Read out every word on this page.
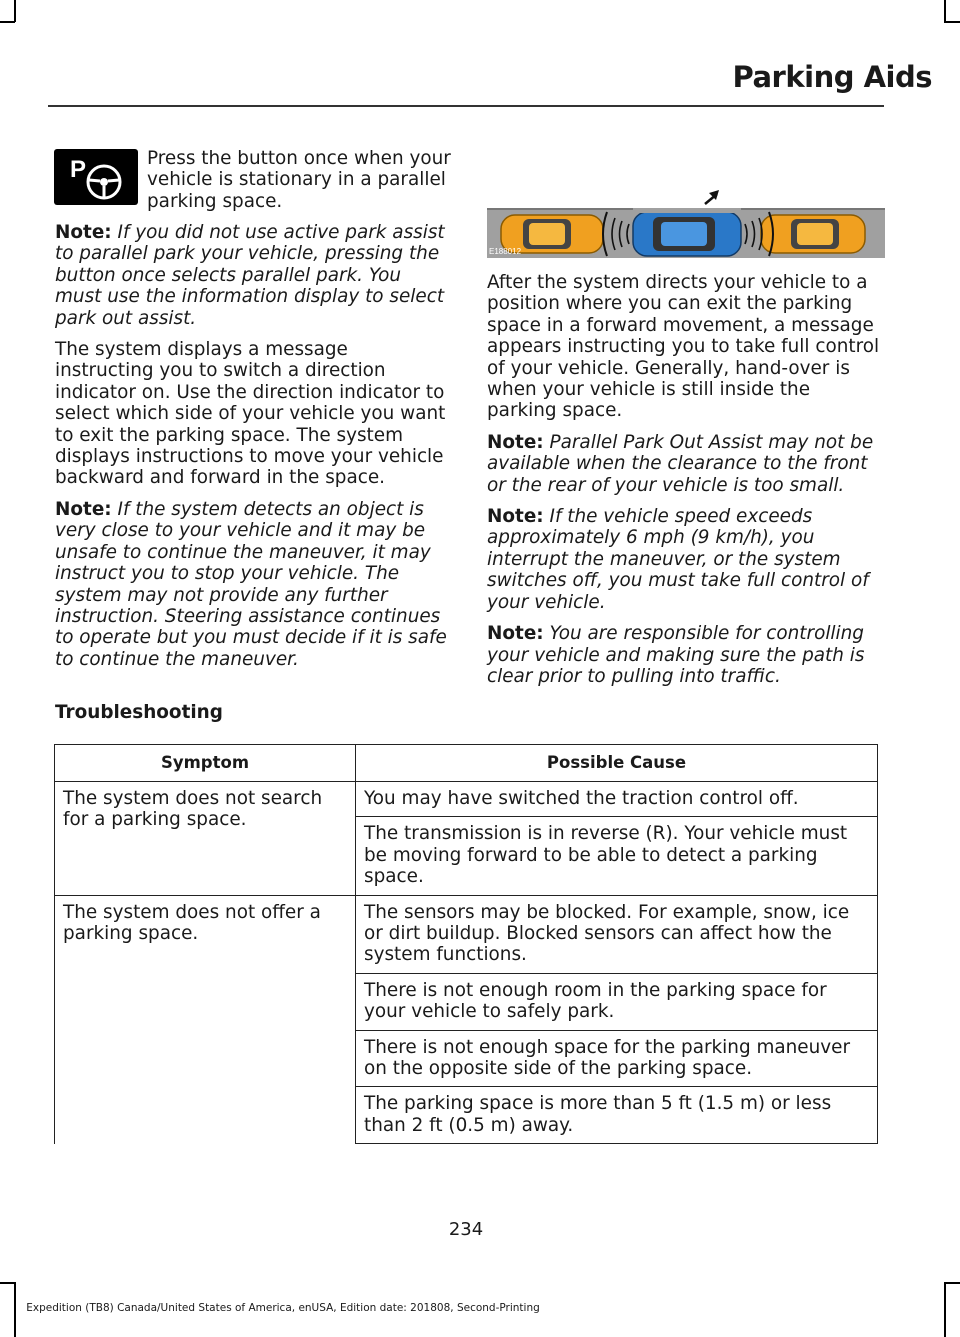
Parking Aids
P	Press the button once when your vehicle is stationary in a parallel parking space.

Note: If you did not use active park assist to parallel park your vehicle, pressing the button once selects parallel park. You must use the information display to select park out assist.

The system displays a message instructing you to switch a direction indicator on. Use the direction indicator to select which side of your vehicle you want to exit the parking space. The system displays instructions to move your vehicle backward and forward in the space.

Note: If the system detects an object is very close to your vehicle and it may be unsafe to continue the maneuver, it may instruct you to stop your vehicle. The system may not provide any further instruction. Steering assistance continues to operate but you must decide if it is safe to continue the maneuver.

E188012

After the system directs your vehicle to a position where you can exit the parking space in a forward movement, a message appears instructing you to take full control of your vehicle. Generally, hand-over is when your vehicle is still inside the parking space.

Note: Parallel Park Out Assist may not be available when the clearance to the front or the rear of your vehicle is too small.

Note: If the vehicle speed exceeds approximately 6 mph (9 km/h), you interrupt the maneuver, or the system switches off, you must take full control of your vehicle.

Note: You are responsible for controlling your vehicle and making sure the path is clear prior to pulling into traffic.

Troubleshooting
Symptom	Possible Cause
The system does not search for a parking space.	You may have switched the traction control off.
	The transmission is in reverse (R). Your vehicle must be moving forward to be able to detect a parking space.
The system does not offer a parking space.	The sensors may be blocked. For example, snow, ice or dirt buildup. Blocked sensors can affect how the system functions.
	There is not enough room in the parking space for your vehicle to safely park.
	There is not enough space for the parking maneuver on the opposite side of the parking space.
	The parking space is more than 5 ft (1.5 m) or less than 2 ft (0.5 m) away.
234
Expedition (TB8) Canada/United States of America, enUSA, Edition date: 201808, Second-Printing
